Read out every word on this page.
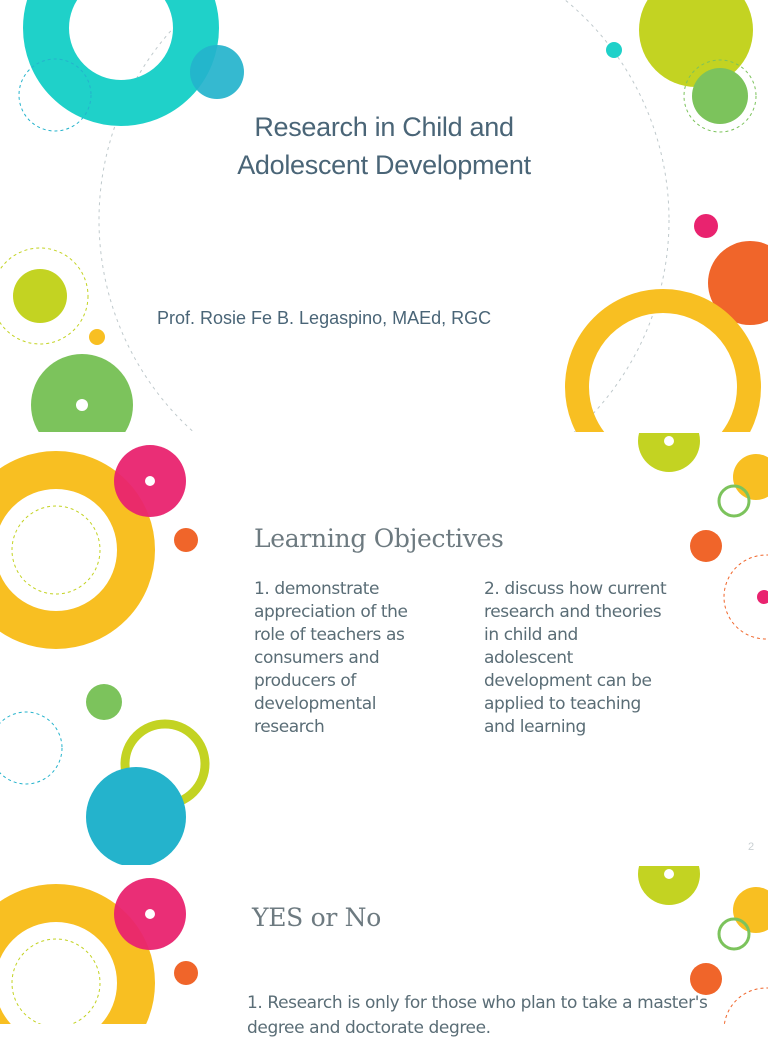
Research in Child and
Adolescent Development
Prof. Rosie Fe B. Legaspino, MAEd, RGC
Learning Objectives
1. demonstrate appreciation of the role of teachers as consumers and producers of developmental research
2. discuss how current research and theories in child and adolescent development can be applied to teaching and learning
2
YES or No
1. Research is only for those who plan to take a master's degree and doctorate degree.
